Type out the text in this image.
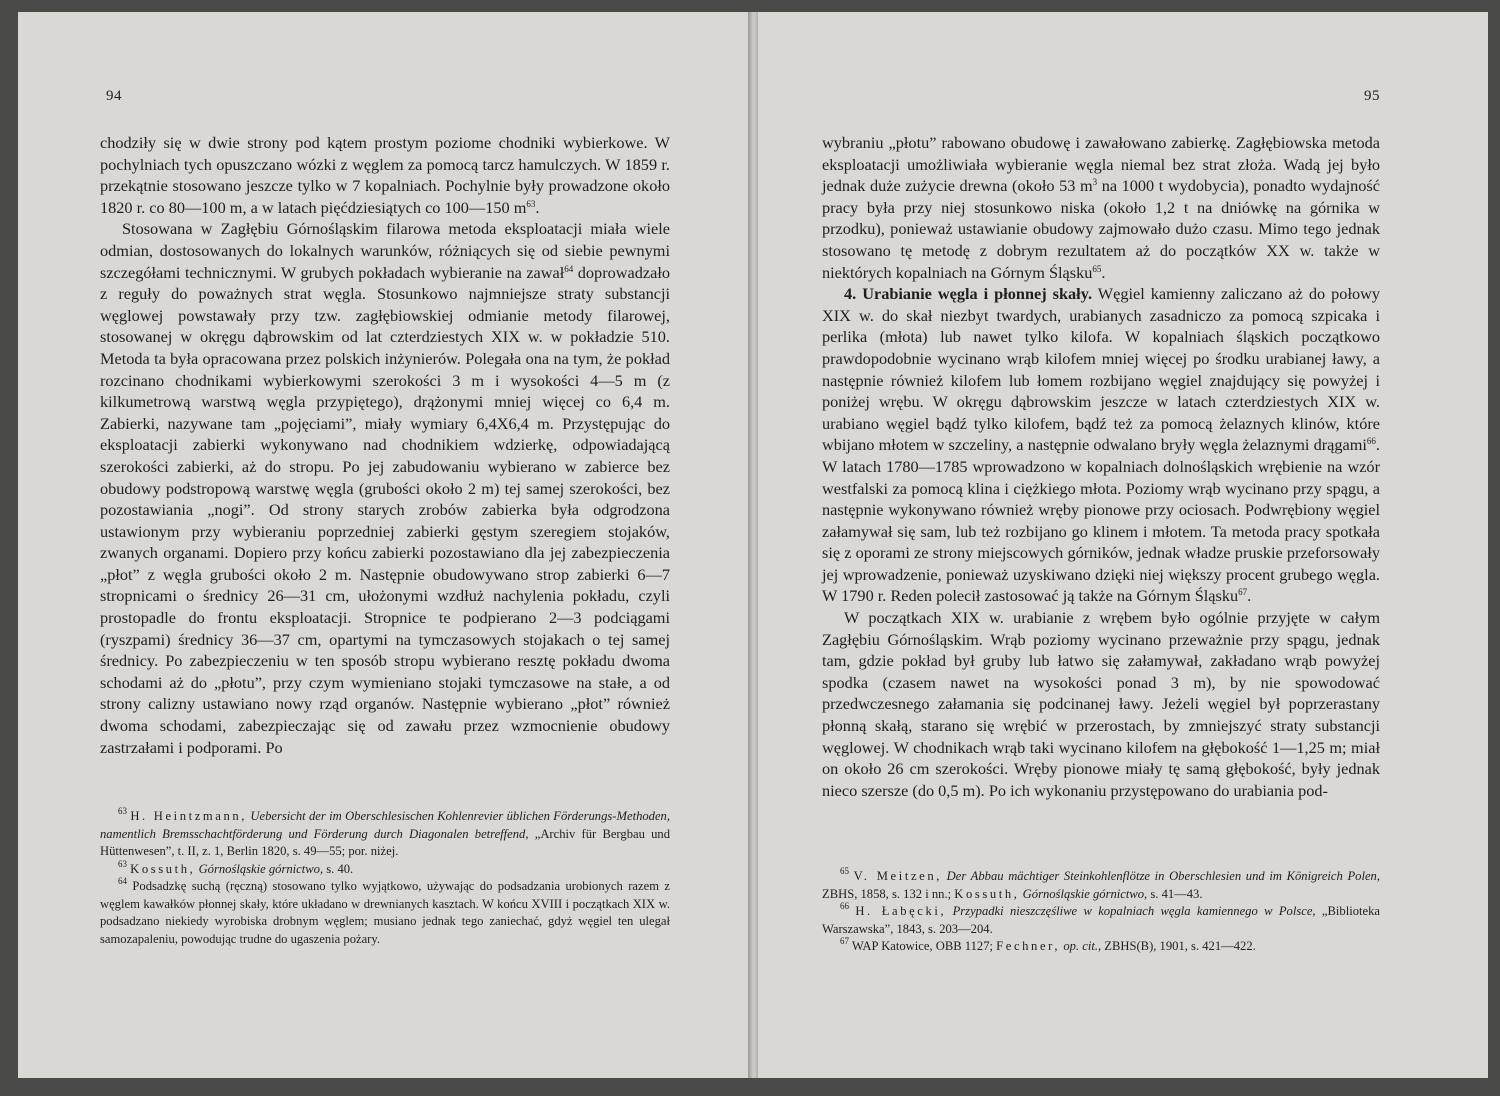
94

chodziły się w dwie strony pod kątem prostym poziome chodniki wybierkowe. W pochylniach tych opuszczano wózki z węglem za pomocą tarcz hamulczych. W 1859 r. przekątnie stosowano jeszcze tylko w 7 kopalniach. Pochylnie były prowadzone około 1820 r. co 80—100 m, a w latach pięćdziesiątych co 100—150 $m^{63}$.

Stosowana w Zagłębiu Górnośląskim filarowa metoda eksploatacji miała wiele odmian, dostosowanych do lokalnych warunków, różniących się od siebie pewnymi szczegółami technicznymi. W grubych pokładach wybieranie na zawał$^{64}$ doprowadzało z reguły do poważnych strat węgla. Stosunkowo najmniejsze straty substancji węglowej powstawały przy tzw. zagłębiowskiej odmianie metody filarowej, stosowanej w okręgu dąbrowskim od lat czterdziestych XIX w. w pokładzie 510. Metoda ta była opracowana przez polskich inżynierów. Polegała ona na tym, że pokład rozcinano chodnikami wybierkowymi szerokości 3 m i wysokości 4—5 m (z kilkumetrową warstwą węgla przypiętego), drążonymi mniej więcej co 6,4 m. Zabierki, nazywane tam „pojęciami”, miały wymiary 6,4X6,4 m. Przystępując do eksploatacji zabierki wykonywano nad chodnikiem wdzierkę, odpowiadającą szerokości zabierki, aż do stropu. Po jej zabudowaniu wybierano w zabierce bez obudowy podstropową warstwę węgla (grubości około 2 m) tej samej szerokości, bez pozostawiania „nogi”. Od strony starych zrobów zabierka była odgrodzona ustawionym przy wybieraniu poprzedniej zabierki gęstym szeregiem stojaków, zwanych organami. Dopiero przy końcu zabierki pozostawiano dla jej zabezpieczenia „płot” z węgla grubości około 2 m. Następnie obudowywano strop zabierki 6—7 stropnicami o średnicy 26—31 cm, ułożonymi wzdłuż nachylenia pokładu, czyli prostopadle do frontu eksploatacji. Stropnice te podpierano 2—3 podciągami (ryszpami) średnicy 36—37 cm, opartymi na tymczasowych stojakach o tej samej średnicy. Po zabezpieczeniu w ten sposób stropu wybierano resztę pokładu dwoma schodami aż do „płotu”, przy czym wymieniano stojaki tymczasowe na stałe, a od strony calizny ustawiano nowy rząd organów. Następnie wybierano „płot” również dwoma schodami, zabezpieczając się od zawału przez wzmocnienie obudowy zastrzałami i podporami. Po

$^{63}$ H. Heintzmann, Uebersicht der im Oberschlesischen Kohlenrevier üblichen Förderungs-Methoden, namentlich Bremsschachtförderung und Förderung durch Diagonalen betreffend, „Archiv für Bergbau und Hüttenwesen”, t. II, z. 1, Berlin 1820, s. 49—55; por. niżej.

$^{63}$ Kossuth, Górnośląskie górnictwo, s. 40.

$^{64}$ Podsadzkę suchą (ręczną) stosowano tylko wyjątkowo, używając do podsadzania urobionych razem z węglem kawałków płonnej skały, które układano w drewnianych kasztach. W końcu XVIII i początkach XIX w. podsadzano niekiedy wyrobiska drobnym węglem; musiano jednak tego zaniechać, gdyż węgiel ten ulegał samozapaleniu, powodując trudne do ugaszenia pożary.

95

wybraniu „płotu” rabowano obudowę i zawałowano zabierkę. Zagłębiowska metoda eksploatacji umożliwiała wybieranie węgla niemal bez strat złoża. Wadą jej było jednak duże zużycie drewna (około 53 $m^3$ na 1000 t wydobycia), ponadto wydajność pracy była przy niej stosunkowo niska (około 1,2 t na dniówkę na górnika w przodku), ponieważ ustawianie obudowy zajmowało dużo czasu. Mimo tego jednak stosowano tę metodę z dobrym rezultatem aż do początków XX w. także w niektórych kopalniach na Górnym Śląsku$^{65}$.

4. Urabianie węgla i płonnej skały. Węgiel kamienny zaliczano aż do połowy XIX w. do skał niezbyt twardych, urabianych zasadniczo za pomocą szpicaka i perlika (młota) lub nawet tylko kilofa. W kopalniach śląskich początkowo prawdopodobnie wycinano wrąb kilofem mniej więcej po środku urabianej ławy, a następnie również kilofem lub łomem rozbijano węgiel znajdujący się powyżej i poniżej wrębu. W okręgu dąbrowskim jeszcze w latach czterdziestych XIX w. urabiano węgiel bądź tylko kilofem, bądź też za pomocą żelaznych klinów, które wbijano młotem w szczeliny, a następnie odwalano bryły węgla żelaznymi drągami$^{66}$. W latach 1780—1785 wprowadzono w kopalniach dolnośląskich wrębienie na wzór westfalski za pomocą klina i ciężkiego młota. Poziomy wrąb wycinano przy spągu, a następnie wykonywano również wręby pionowe przy ociosach. Podwrębiony węgiel załamywał się sam, lub też rozbijano go klinem i młotem. Ta metoda pracy spotkała się z oporami ze strony miejscowych górników, jednak władze pruskie przeforsowały jej wprowadzenie, ponieważ uzyskiwano dzięki niej większy procent grubego węgla. W 1790 r. Reden polecił zastosować ją także na Górnym Śląsku$^{67}$.

W początkach XIX w. urabianie z wrębem było ogólnie przyjęte w całym Zagłębiu Górnośląskim. Wrąb poziomy wycinano przeważnie przy spągu, jednak tam, gdzie pokład był gruby lub łatwo się załamywał, zakładano wrąb powyżej spodka (czasem nawet na wysokości ponad 3 m), by nie spowodować przedwczesnego załamania się podcinanej ławy. Jeżeli węgiel był poprzerastany płonną skałą, starano się wrębić w przerostach, by zmniejszyć straty substancji węglowej. W chodnikach wrąb taki wycinano kilofem na głębokość 1—1,25 m; miał on około 26 cm szerokości. Wręby pionowe miały tę samą głębokość, były jednak nieco szersze (do 0,5 m). Po ich wykonaniu przystępowano do urabiania pod-

$^{65}$ V. Meitzen, Der Abbau mächtiger Steinkohlenflötze in Oberschlesien und im Königreich Polen, ZBHS, 1858, s. 132 i nn.; Kossuth, Górnośląskie górnictwo, s. 41—43.

$^{66}$ H. Łabęcki, Przypadki nieszczęśliwe w kopalniach węgla kamiennego w Polsce, „Biblioteka Warszawska”, 1843, s. 203—204.

$^{67}$ WAP Katowice, OBB 1127; Fechner, op. cit., ZBHS(B), 1901, s. 421—422.
